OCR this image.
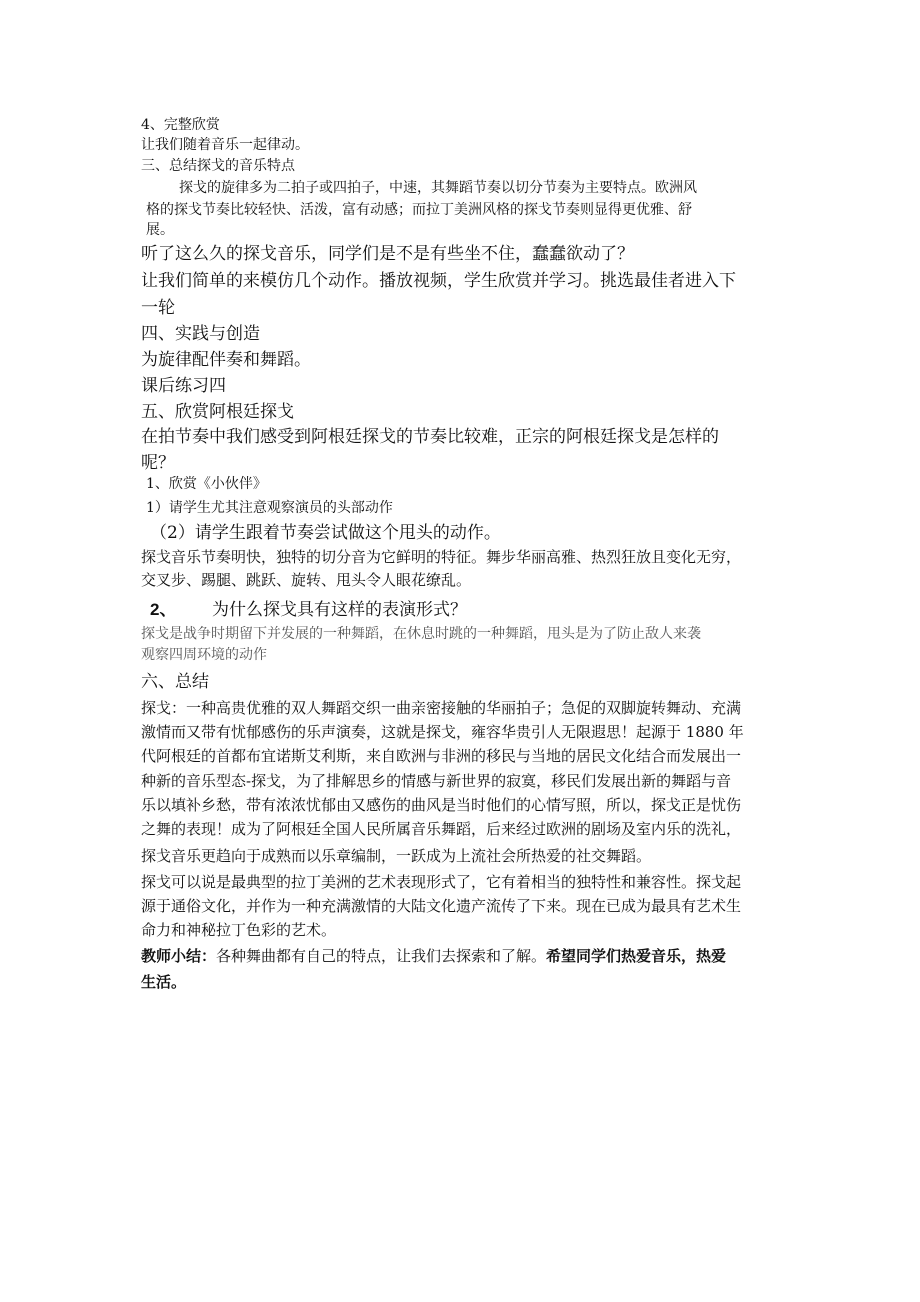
4、完整欣赏
让我们随着音乐一起律动。
三、总结探戈的音乐特点
探戈的旋律多为二拍子或四拍子，中速，其舞蹈节奏以切分节奏为主要特点。欧洲风
格的探戈节奏比较轻快、活泼，富有动感；而拉丁美洲风格的探戈节奏则显得更优雅、舒
展。
听了这么久的探戈音乐，同学们是不是有些坐不住，蠢蠢欲动了？
让我们简单的来模仿几个动作。播放视频，学生欣赏并学习。挑选最佳者进入下
一轮
四、实践与创造
为旋律配伴奏和舞蹈。
课后练习四
五、欣赏阿根廷探戈
在拍节奏中我们感受到阿根廷探戈的节奏比较难，正宗的阿根廷探戈是怎样的
呢？
1、欣赏《小伙伴》
1）请学生尤其注意观察演员的头部动作
（2）请学生跟着节奏尝试做这个甩头的动作。
探戈音乐节奏明快，独特的切分音为它鲜明的特征。舞步华丽高雅、热烈狂放且变化无穷，
交叉步、踢腿、跳跃、旋转、甩头令人眼花缭乱。
2、 为什么探戈具有这样的表演形式？
探戈是战争时期留下并发展的一种舞蹈，在休息时跳的一种舞蹈，甩头是为了防止敌人来袭
观察四周环境的动作
六、总结
探戈：一种高贵优雅的双人舞蹈交织一曲亲密接触的华丽拍子；急促的双脚旋转舞动、充满
激情而又带有忧郁感伤的乐声演奏，这就是探戈，雍容华贵引人无限遐思！起源于 1880 年
代阿根廷的首都布宜诺斯艾利斯，来自欧洲与非洲的移民与当地的居民文化结合而发展出一
种新的音乐型态-探戈，为了排解思乡的情感与新世界的寂寞，移民们发展出新的舞蹈与音
乐以填补乡愁，带有浓浓忧郁由又感伤的曲风是当时他们的心情写照，所以，探戈正是忧伤
之舞的表现！成为了阿根廷全国人民所属音乐舞蹈，后来经过欧洲的剧场及室内乐的洗礼，
探戈音乐更趋向于成熟而以乐章编制，一跃成为上流社会所热爱的社交舞蹈。
探戈可以说是最典型的拉丁美洲的艺术表现形式了，它有着相当的独特性和兼容性。探戈起
源于通俗文化，并作为一种充满激情的大陆文化遗产流传了下来。现在已成为最具有艺术生
命力和神秘拉丁色彩的艺术。
教师小结：各种舞曲都有自己的特点，让我们去探索和了解。希望同学们热爱音乐，热爱
生活。
